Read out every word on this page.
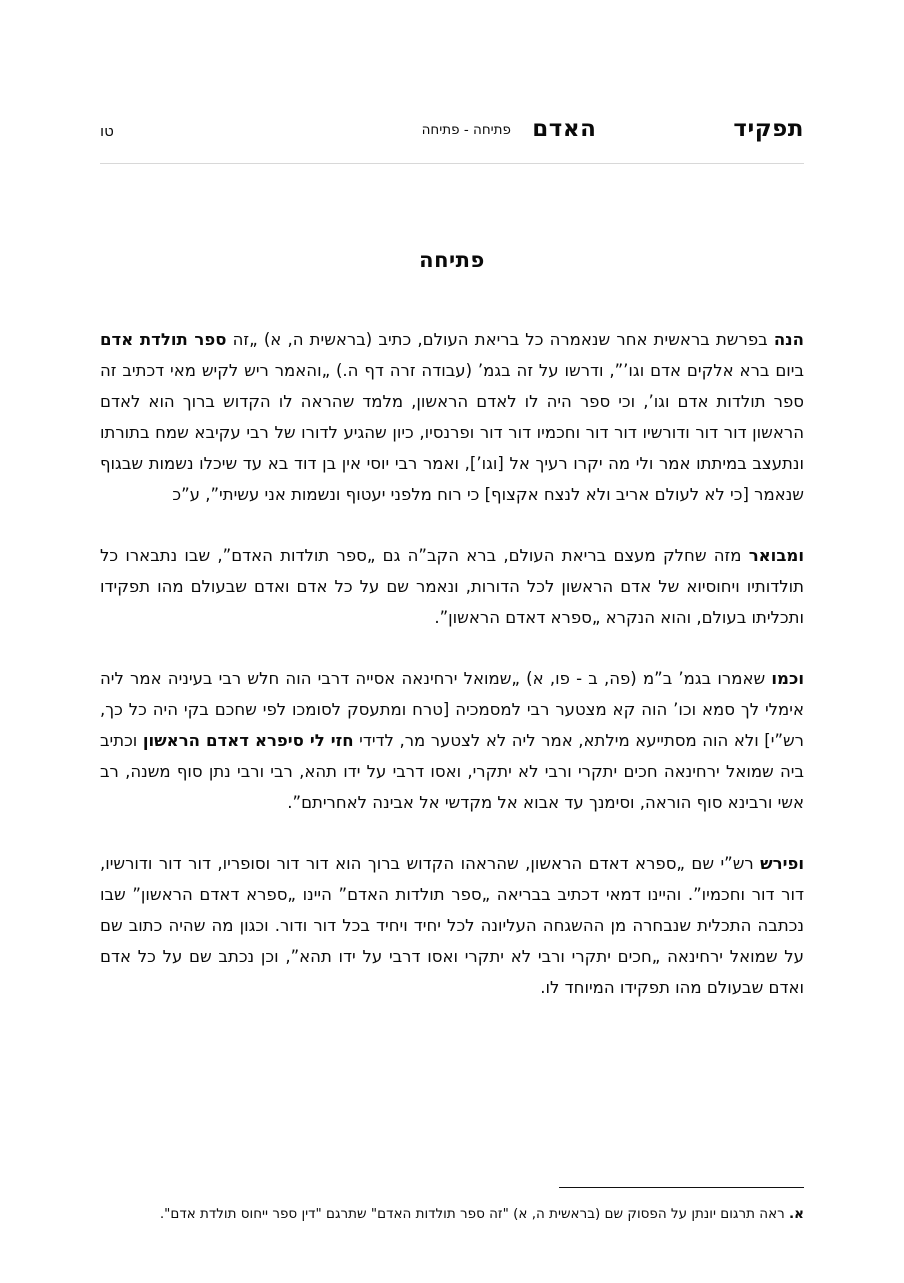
תפקיד  האדם
פתיחה - פתיחה
טו
פתיחה

הנה בפרשת בראשית אחר שנאמרה כל בריאת העולם, כתיב (בראשית ה, א) „זה ספר תולדת אדם ביום ברא אלקים אדם וגו’”, ודרשו על זה בגמ’ (עבודה זרה דף ה.) „והאמר ריש לקיש מאי דכתיב זה ספר תולדות אדם וגו’, וכי ספר היה לו לאדם הראשון, מלמד שהראה לו הקדוש ברוך הוא לאדם הראשון דור דור ודורשיו דור דור וחכמיו דור דור ופרנסיו, כיון שהגיע לדורו של רבי עקיבא שמח בתורתו ונתעצב במיתתו אמר ולי מה יקרו רעיך אל [וגו’], ואמר רבי יוסי אין בן דוד בא עד שיכלו נשמות שבגוף שנאמר [כי לא לעולם אריב ולא לנצח אקצוף] כי רוח מלפני יעטוף ונשמות אני עשיתי”, ע”כ

ומבואר מזה שחלק מעצם בריאת העולם, ברא הקב”ה גם „ספר תולדות האדם”, שבו נתבארו כל תולדותיו ויחוסיוא של אדם הראשון לכל הדורות, ונאמר שם על כל אדם ואדם שבעולם מהו תפקידו ותכליתו בעולם, והוא הנקרא „ספרא דאדם הראשון”.

וכמו שאמרו בגמ’ ב”מ (פה, ב - פו, א) „שמואל ירחינאה אסייה דרבי הוה חלש רבי בעיניה אמר ליה אימלי לך סמא וכו’ הוה קא מצטער רבי למסמכיה [טרח ומתעסק לסומכו לפי שחכם בקי היה כל כך, רש”י] ולא הוה מסתייעא מילתא, אמר ליה לא לצטער מר, לדידי חזי לי סיפרא דאדם הראשון וכתיב ביה שמואל ירחינאה חכים יתקרי ורבי לא יתקרי, ואסו דרבי על ידו תהא, רבי ורבי נתן סוף משנה, רב אשי ורבינא סוף הוראה, וסימנך עד אבוא אל מקדשי אל אבינה לאחריתם”.

ופירש רש”י שם „ספרא דאדם הראשון, שהראהו הקדוש ברוך הוא דור דור וסופריו, דור דור ודורשיו, דור דור וחכמיו”. והיינו דמאי דכתיב בבריאה „ספר תולדות האדם” היינו „ספרא דאדם הראשון” שבו נכתבה התכלית שנבחרה מן ההשגחה העליונה לכל יחיד ויחיד בכל דור ודור. וכגון מה שהיה כתוב שם על שמואל ירחינאה „חכים יתקרי ורבי לא יתקרי ואסו דרבי על ידו תהא”, וכן נכתב שם על כל אדם ואדם שבעולם מהו תפקידו המיוחד לו.

א. ראה תרגום יונתן על הפסוק שם (בראשית ה, א) "זה ספר תולדות האדם" שתרגם "דין ספר ייחוס תולדת אדם".
